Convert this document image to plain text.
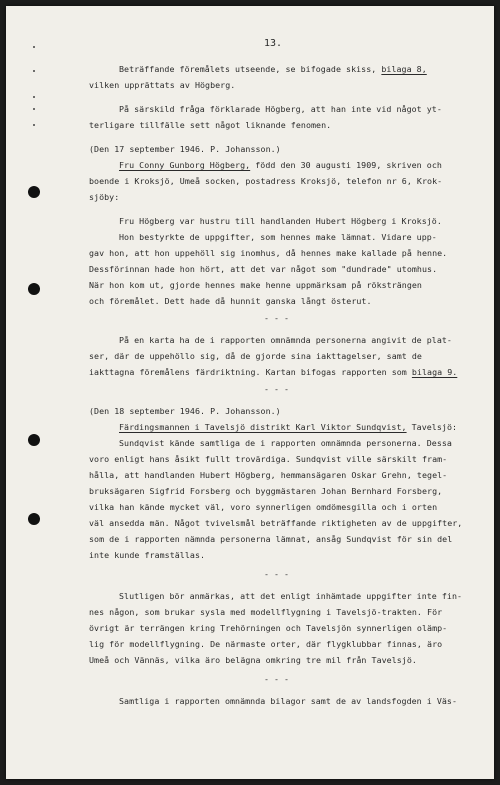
13.
Beträffande föremålets utseende, se bifogade skiss, bilaga 8,
vilken upprättats av Högberg.
På särskild fråga förklarade Högberg, att han inte vid något yt-
terligare tillfälle sett något liknande fenomen.
(Den 17 september 1946. P. Johansson.)
Fru Conny Gunborg Högberg, född den 30 augusti 1909, skriven och
boende i Kroksjö, Umeå socken, postadress Kroksjö, telefon nr 6, Krok-
sjöby:
Fru Högberg var hustru till handlanden Hubert Högberg i Kroksjö.
Hon bestyrkte de uppgifter, som hennes make lämnat. Vidare upp-
gav hon, att hon uppehöll sig inomhus, då hennes make kallade på henne.
Dessförinnan hade hon hört, att det var något som "dundrade" utomhus.
När hon kom ut, gjorde hennes make henne uppmärksam på röksträngen
och föremålet. Dett hade då hunnit ganska långt österut.
- - -
På en karta ha de i rapporten omnämnda personerna angivit de plat-
ser, där de uppehöllo sig, då de gjorde sina iakttagelser, samt de
iakttagna föremålens färdriktning. Kartan bifogas rapporten som bilaga 9.
- - -
(Den 18 september 1946. P. Johansson.)
Färdingsmannen i Tavelsjö distrikt Karl Viktor Sundqvist, Tavelsjö:
Sundqvist kände samtliga de i rapporten omnämnda personerna. Dessa
voro enligt hans åsikt fullt trovärdiga. Sundqvist ville särskilt fram-
hålla, att handlanden Hubert Högberg, hemmansägaren Oskar Grehn, tegel-
bruksägaren Sigfrid Forsberg och byggmästaren Johan Bernhard Forsberg,
vilka han kände mycket väl, voro synnerligen omdömesgilla och i orten
väl ansedda män. Något tvivelsmål beträffande riktigheten av de uppgifter,
som de i rapporten nämnda personerna lämnat, ansåg Sundqvist för sin del
inte kunde framställas.
- - -
Slutligen bör anmärkas, att det enligt inhämtade uppgifter inte fin-
nes någon, som brukar sysla med modellflygning i Tavelsjö-trakten. För
övrigt är terrängen kring Trehörningen och Tavelsjön synnerligen olämp-
lig för modellflygning. De närmaste orter, där flygklubbar finnas, äro
Umeå och Vännäs, vilka äro belägna omkring tre mil från Tavelsjö.
- - -
Samtliga i rapporten omnämnda bilagor samt de av landsfogden i Väs-
